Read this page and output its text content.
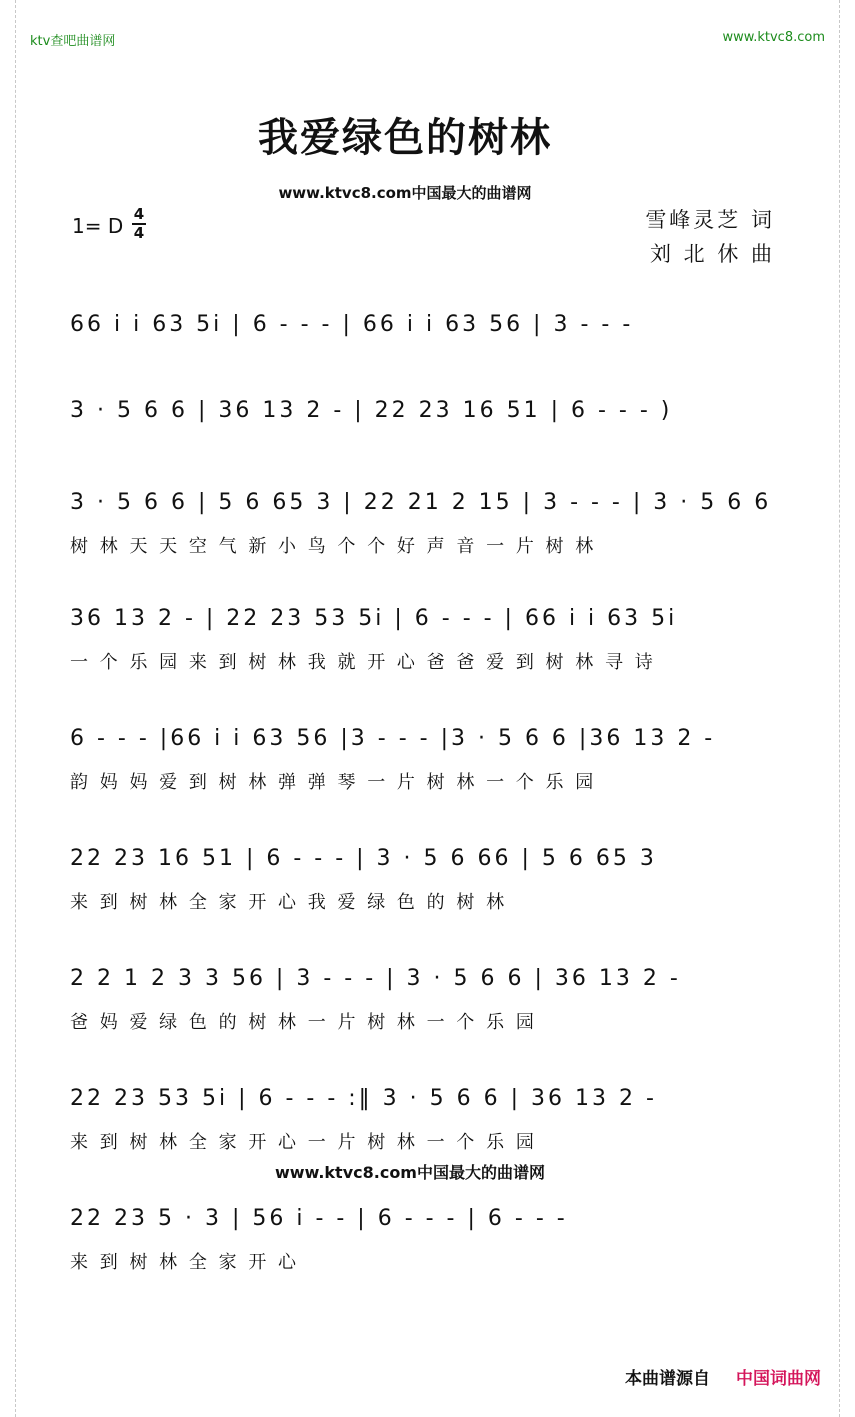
ktv查吧曲谱网	www.ktvc8.com
我爱绿色的树林
www.ktvc8.com中国最大的曲谱网
1= D 4
4
雪峰灵芝 词
刘 北 休 曲
66 i i 63 5i | 6 - - - | 66 i i 63 56 | 3 - - -
3 · 5 6 6 | 36 13 2 - | 22 23 16 51 | 6 - - - )
3 · 5 6 6 | 5 6 65 3 | 22 21 2 15 | 3 - - - | 3 · 5 6 6
树 林 天 天 空 气 新 小 鸟 个 个 好 声 音 一 片 树 林
36 13 2 - | 22 23 53 5i | 6 - - - | 66 i i 63 5i
一 个 乐 园 来 到 树 林 我 就 开 心 爸 爸 爱 到 树 林 寻 诗
6 - - - |66 i i 63 56 |3 - - - |3 · 5 6 6 |36 13 2 -
韵 妈 妈 爱 到 树 林 弹 弹 琴 一 片 树 林 一 个 乐 园
22 23 16 51 | 6 - - - | 3 · 5 6 66 | 5 6 65 3
来 到 树 林 全 家 开 心 我 爱 绿 色 的 树 林
2 2 1 2 3 3 56 | 3 - - - | 3 · 5 6 6 | 36 13 2 -
爸 妈 爱 绿 色 的 树 林 一 片 树 林 一 个 乐 园
22 23 53 5i | 6 - - - :‖ 3 · 5 6 6 | 36 13 2 -
来 到 树 林 全 家 开 心 一 片 树 林 一 个 乐 园
www.ktvc8.com中国最大的曲谱网
22 23 5 · 3 | 56 i - - | 6 - - - | 6 - - -
来 到 树 林 全 家 开 心
本曲谱源自 中国词曲网
